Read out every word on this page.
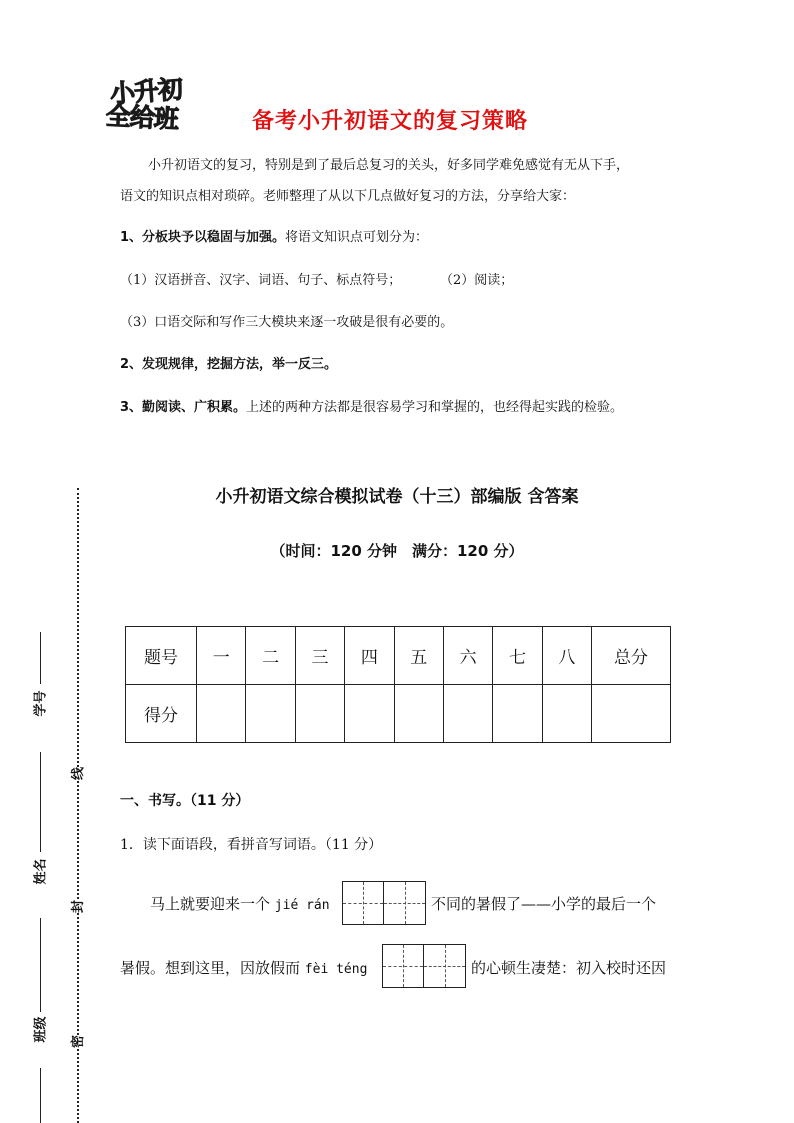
小升初
全给班	备考小升初语文的复习策略
小升初语文的复习，特别是到了最后总复习的关头，好多同学难免感觉有无从下手，
语文的知识点相对琐碎。老师整理了从以下几点做好复习的方法，分享给大家：
1、分板块予以稳固与加强。将语文知识点可划分为：
（1）汉语拼音、汉字、词语、句子、标点符号；	（2）阅读；
（3）口语交际和写作三大模块来逐一攻破是很有必要的。
2、发现规律，挖掘方法，举一反三。
3、勤阅读、广积累。上述的两种方法都是很容易学习和掌握的，也经得起实践的检验。
小升初语文综合模拟试卷（十三）部编版 含答案
（时间：120 分钟　满分：120 分）
题号	一	二	三	四	五	六	七	八	总分
得分									
一、书写。（11 分）
1．读下面语段，看拼音写词语。（11 分）
马上就要迎来一个 jié rán	不同的暑假了——小学的最后一个
暑假。想到这里，因放假而 fèi téng	的心顿生凄楚：初入校时还因
学号
姓名
班级
线
封
密
